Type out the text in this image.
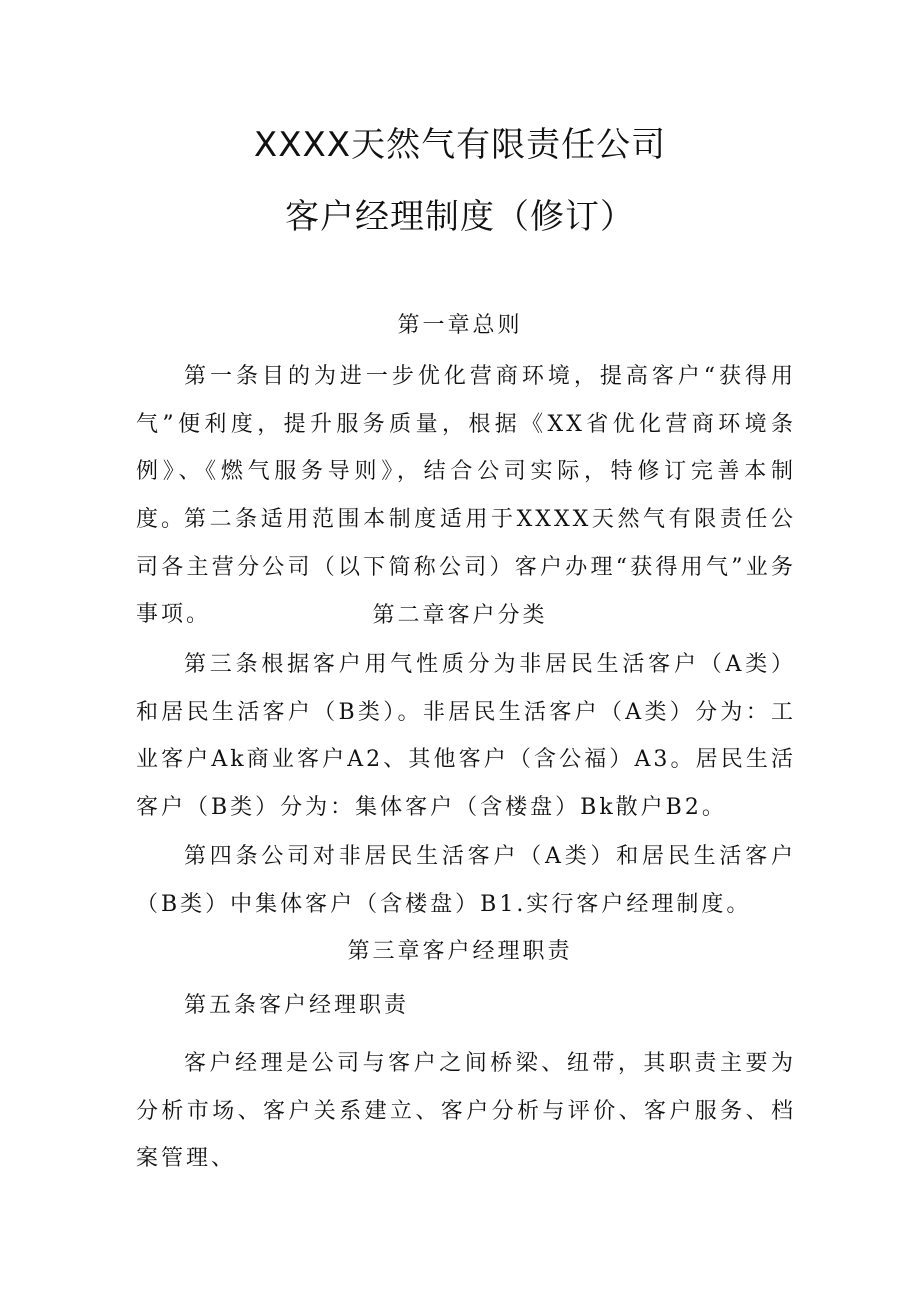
XXXX天然气有限责任公司
客户经理制度（修订）
第一章总则

第一条目的为进一步优化营商环境，提高客户“获得用气”便利度，提升服务质量，根据《XX省优化营商环境条例》、《燃气服务导则》，结合公司实际，特修订完善本制度。

第二条适用范围本制度适用于XXXX天然气有限责任公司各主营分公司（以下简称公司）客户办理“获得用气”业务事项。	第二章客户分类

第三条根据客户用气性质分为非居民生活客户（A类）和居民生活客户（B类）。非居民生活客户（A类）分为：工业客户Ak商业客户A2、其他客户（含公福）A3。居民生活客户（B类）分为：集体客户（含楼盘）Bk散户B2。

第四条公司对非居民生活客户（A类）和居民生活客户（B类）中集体客户（含楼盘）B1.实行客户经理制度。

第三章客户经理职责

第五条客户经理职责

客户经理是公司与客户之间桥梁、纽带，其职责主要为分析市场、客户关系建立、客户分析与评价、客户服务、档案管理、
